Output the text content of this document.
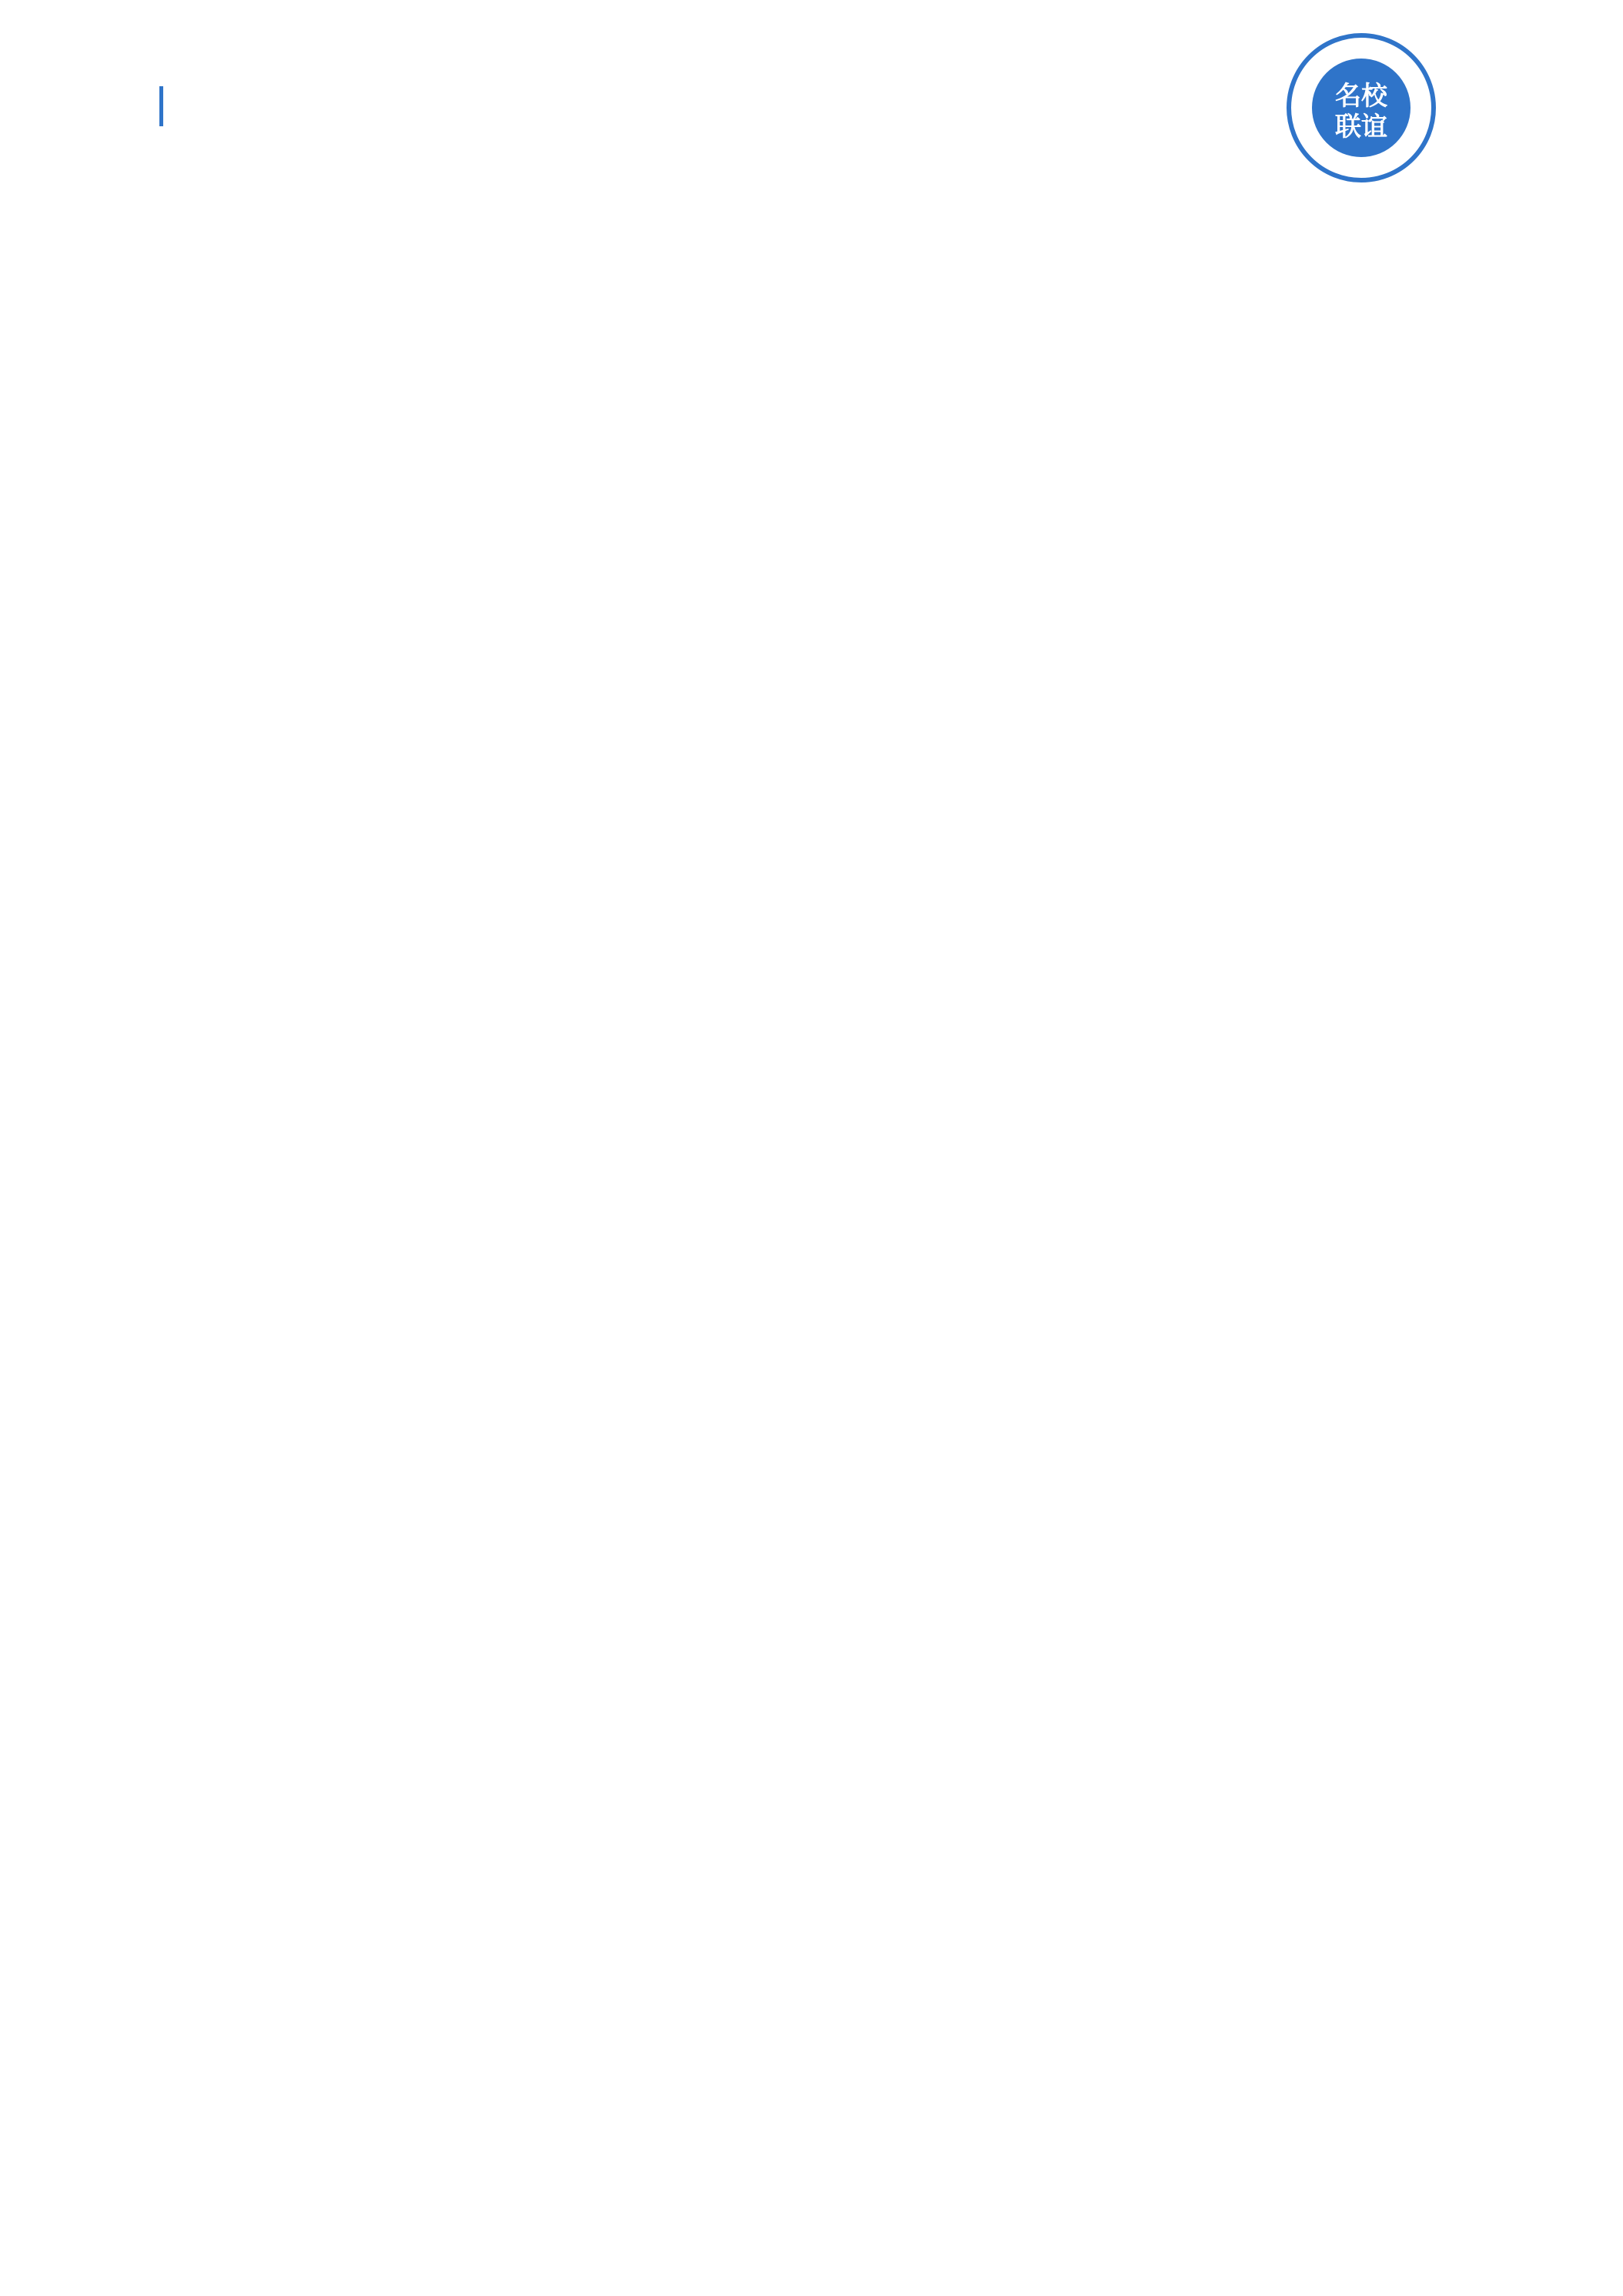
名校
联谊
